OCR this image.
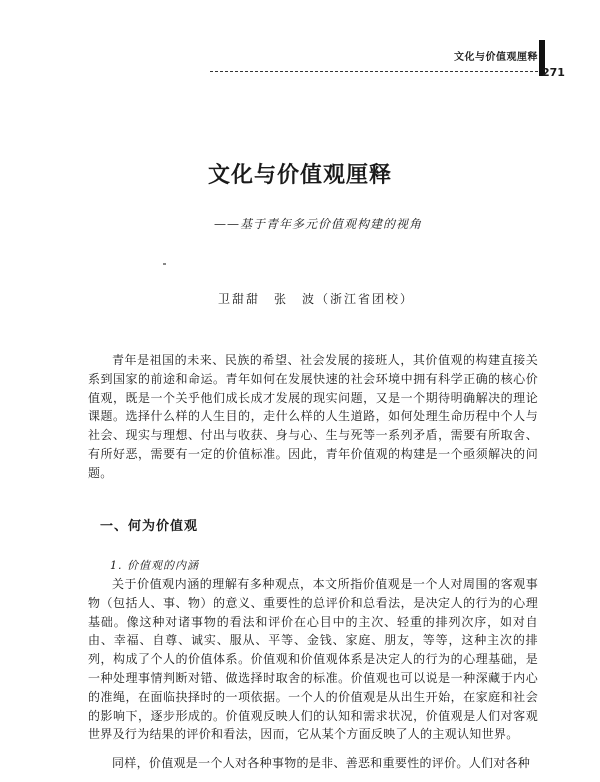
文化与价值观厘释
271
文化与价值观厘释
——基于青年多元价值观构建的视角
卫甜甜　张　波（浙江省团校）

青年是祖国的未来、民族的希望、社会发展的接班人，其价值观的构建直接关系到国家的前途和命运。青年如何在发展快速的社会环境中拥有科学正确的核心价值观，既是一个关乎他们成长成才发展的现实问题，又是一个期待明确解决的理论课题。选择什么样的人生目的，走什么样的人生道路，如何处理生命历程中个人与社会、现实与理想、付出与收获、身与心、生与死等一系列矛盾，需要有所取舍、有所好恶，需要有一定的价值标准。因此，青年价值观的构建是一个亟须解决的问题。

一、何为价值观
1. 价值观的内涵

关于价值观内涵的理解有多种观点，本文所指价值观是一个人对周围的客观事物（包括人、事、物）的意义、重要性的总评价和总看法，是决定人的行为的心理基础。像这种对诸事物的看法和评价在心目中的主次、轻重的排列次序，如对自由、幸福、自尊、诚实、服从、平等、金钱、家庭、朋友，等等，这种主次的排列，构成了个人的价值体系。价值观和价值观体系是决定人的行为的心理基础，是一种处理事情判断对错、做选择时取舍的标准。价值观也可以说是一种深藏于内心的准绳，在面临抉择时的一项依据。一个人的价值观是从出生开始，在家庭和社会的影响下，逐步形成的。价值观反映人们的认知和需求状况，价值观是人们对客观世界及行为结果的评价和看法，因而，它从某个方面反映了人的主观认知世界。

同样，价值观是一个人对各种事物的是非、善恶和重要性的评价。人们对各种
